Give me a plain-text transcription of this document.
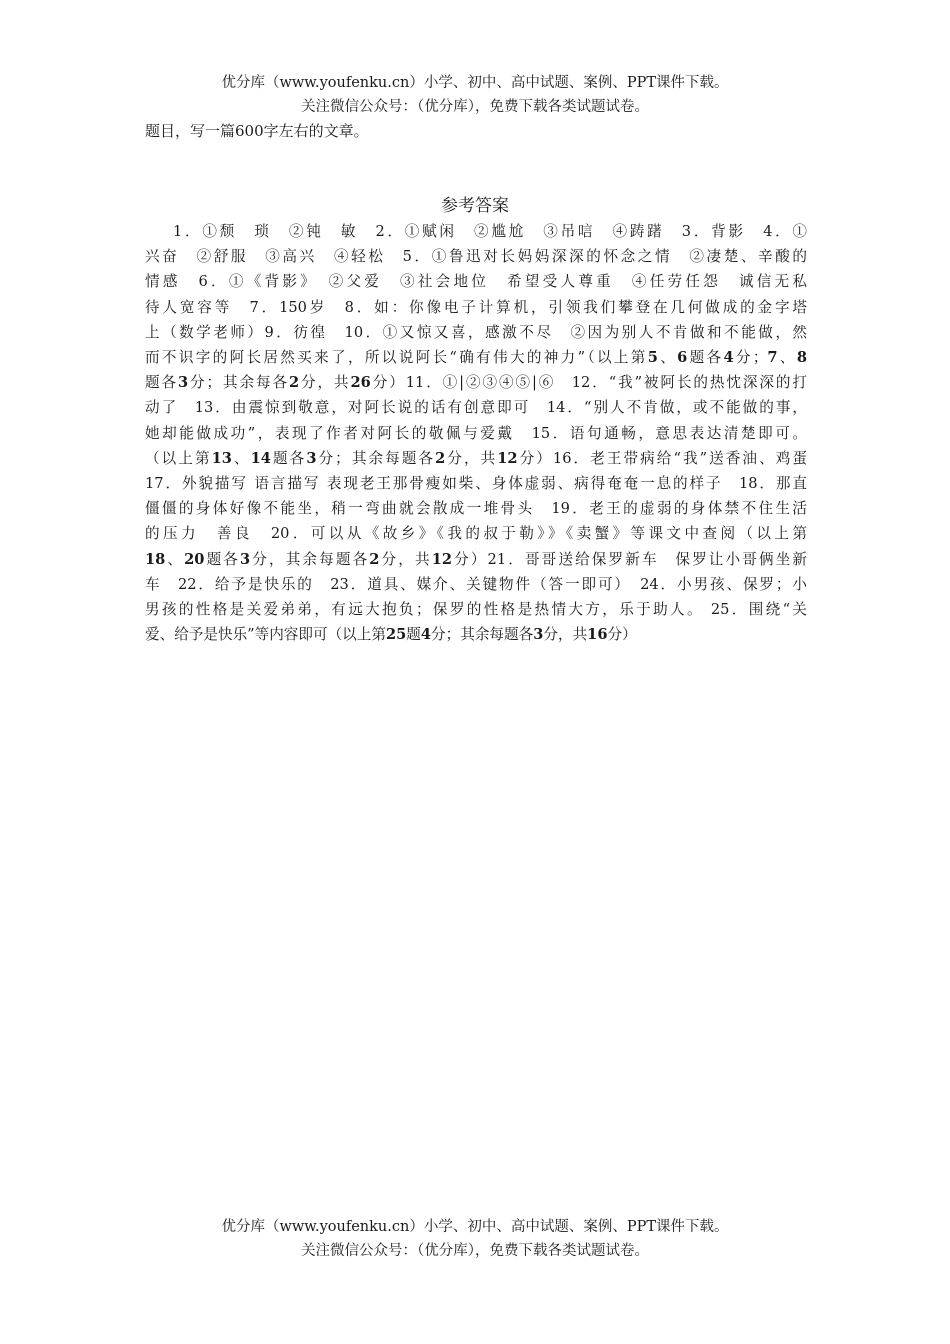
优分库（www.youfenku.cn）小学、初中、高中试题、案例、PPT课件下载。
关注微信公众号：（优分库），免费下载各类试题试卷。
题目，写一篇600字左右的文章。
参考答案
1．①颓　琐　②钝　敏　2．①赋闲　②尴尬　③吊唁　④踌躇　3．背影　4．①
兴奋　②舒服　③高兴　④轻松　5．①鲁迅对长妈妈深深的怀念之情　②凄楚、辛酸的
情感　6．①《背影》　②父爱　③社会地位　希望受人尊重　④任劳任怨　诚信无私
待人宽容等　7．150岁　8．如：你像电子计算机，引领我们攀登在几何做成的金字塔
上（数学老师）9．彷徨　10．①又惊又喜，感激不尽　②因为别人不肯做和不能做，然
而不识字的阿长居然买来了，所以说阿长“确有伟大的神力”（以上第5、6题各4分；7、8
题各3分；其余每各2分，共26分）11．①|②③④⑤|⑥　12．“我”被阿长的热忱深深的打
动了　13．由震惊到敬意，对阿长说的话有创意即可　14．“别人不肯做，或不能做的事，
她却能做成功”，表现了作者对阿长的敬佩与爱戴　15．语句通畅，意思表达清楚即可。
（以上第13、14题各3分；其余每题各2分，共12分）16．老王带病给“我”送香油、鸡蛋
17．外貌描写 语言描写 表现老王那骨瘦如柴、身体虚弱、病得奄奄一息的样子　18．那直
僵僵的身体好像不能坐，稍一弯曲就会散成一堆骨头　19．老王的虚弱的身体禁不住生活
的压力　善良　20．可以从《故乡》《我的叔于勒》》《卖蟹》等课文中查阅（以上第
18、20题各3分，其余每题各2分，共12分）21．哥哥送给保罗新车　保罗让小哥俩坐新
车　22．给予是快乐的　23．道具、媒介、关键物件（答一即可）　24．小男孩、保罗；小
男孩的性格是关爱弟弟，有远大抱负；保罗的性格是热情大方，乐于助人。 25．围绕“关
爱、给予是快乐”等内容即可（以上第25题4分；其余每题各3分，共16分）
优分库（www.youfenku.cn）小学、初中、高中试题、案例、PPT课件下载。
关注微信公众号：（优分库），免费下载各类试题试卷。
